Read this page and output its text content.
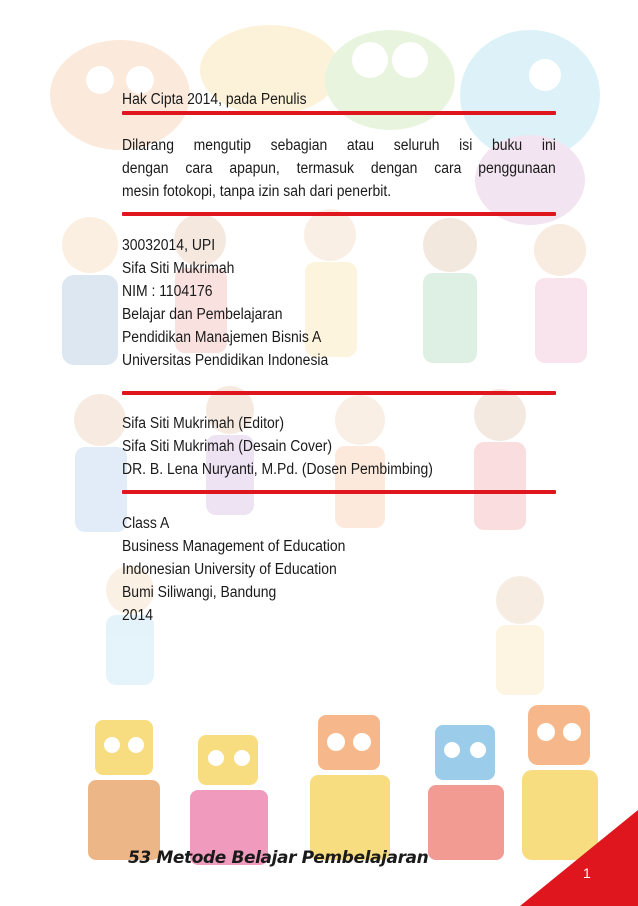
Hak Cipta 2014, pada Penulis
Dilarang mengutip sebagian atau seluruh isi buku ini
dengan cara apapun, termasuk dengan cara penggunaan
mesin fotokopi, tanpa izin sah dari penerbit.
30032014, UPI
Sifa Siti Mukrimah
NIM : 1104176
Belajar dan Pembelajaran
Pendidikan Manajemen Bisnis A
Universitas Pendidikan Indonesia
Sifa Siti Mukrimah (Editor)
Sifa Siti Mukrimah (Desain Cover)
DR. B. Lena Nuryanti, M.Pd. (Dosen Pembimbing)
Class A
Business Management of Education
Indonesian University of Education
Bumi Siliwangi, Bandung
2014
53 Metode Belajar Pembelajaran
1
